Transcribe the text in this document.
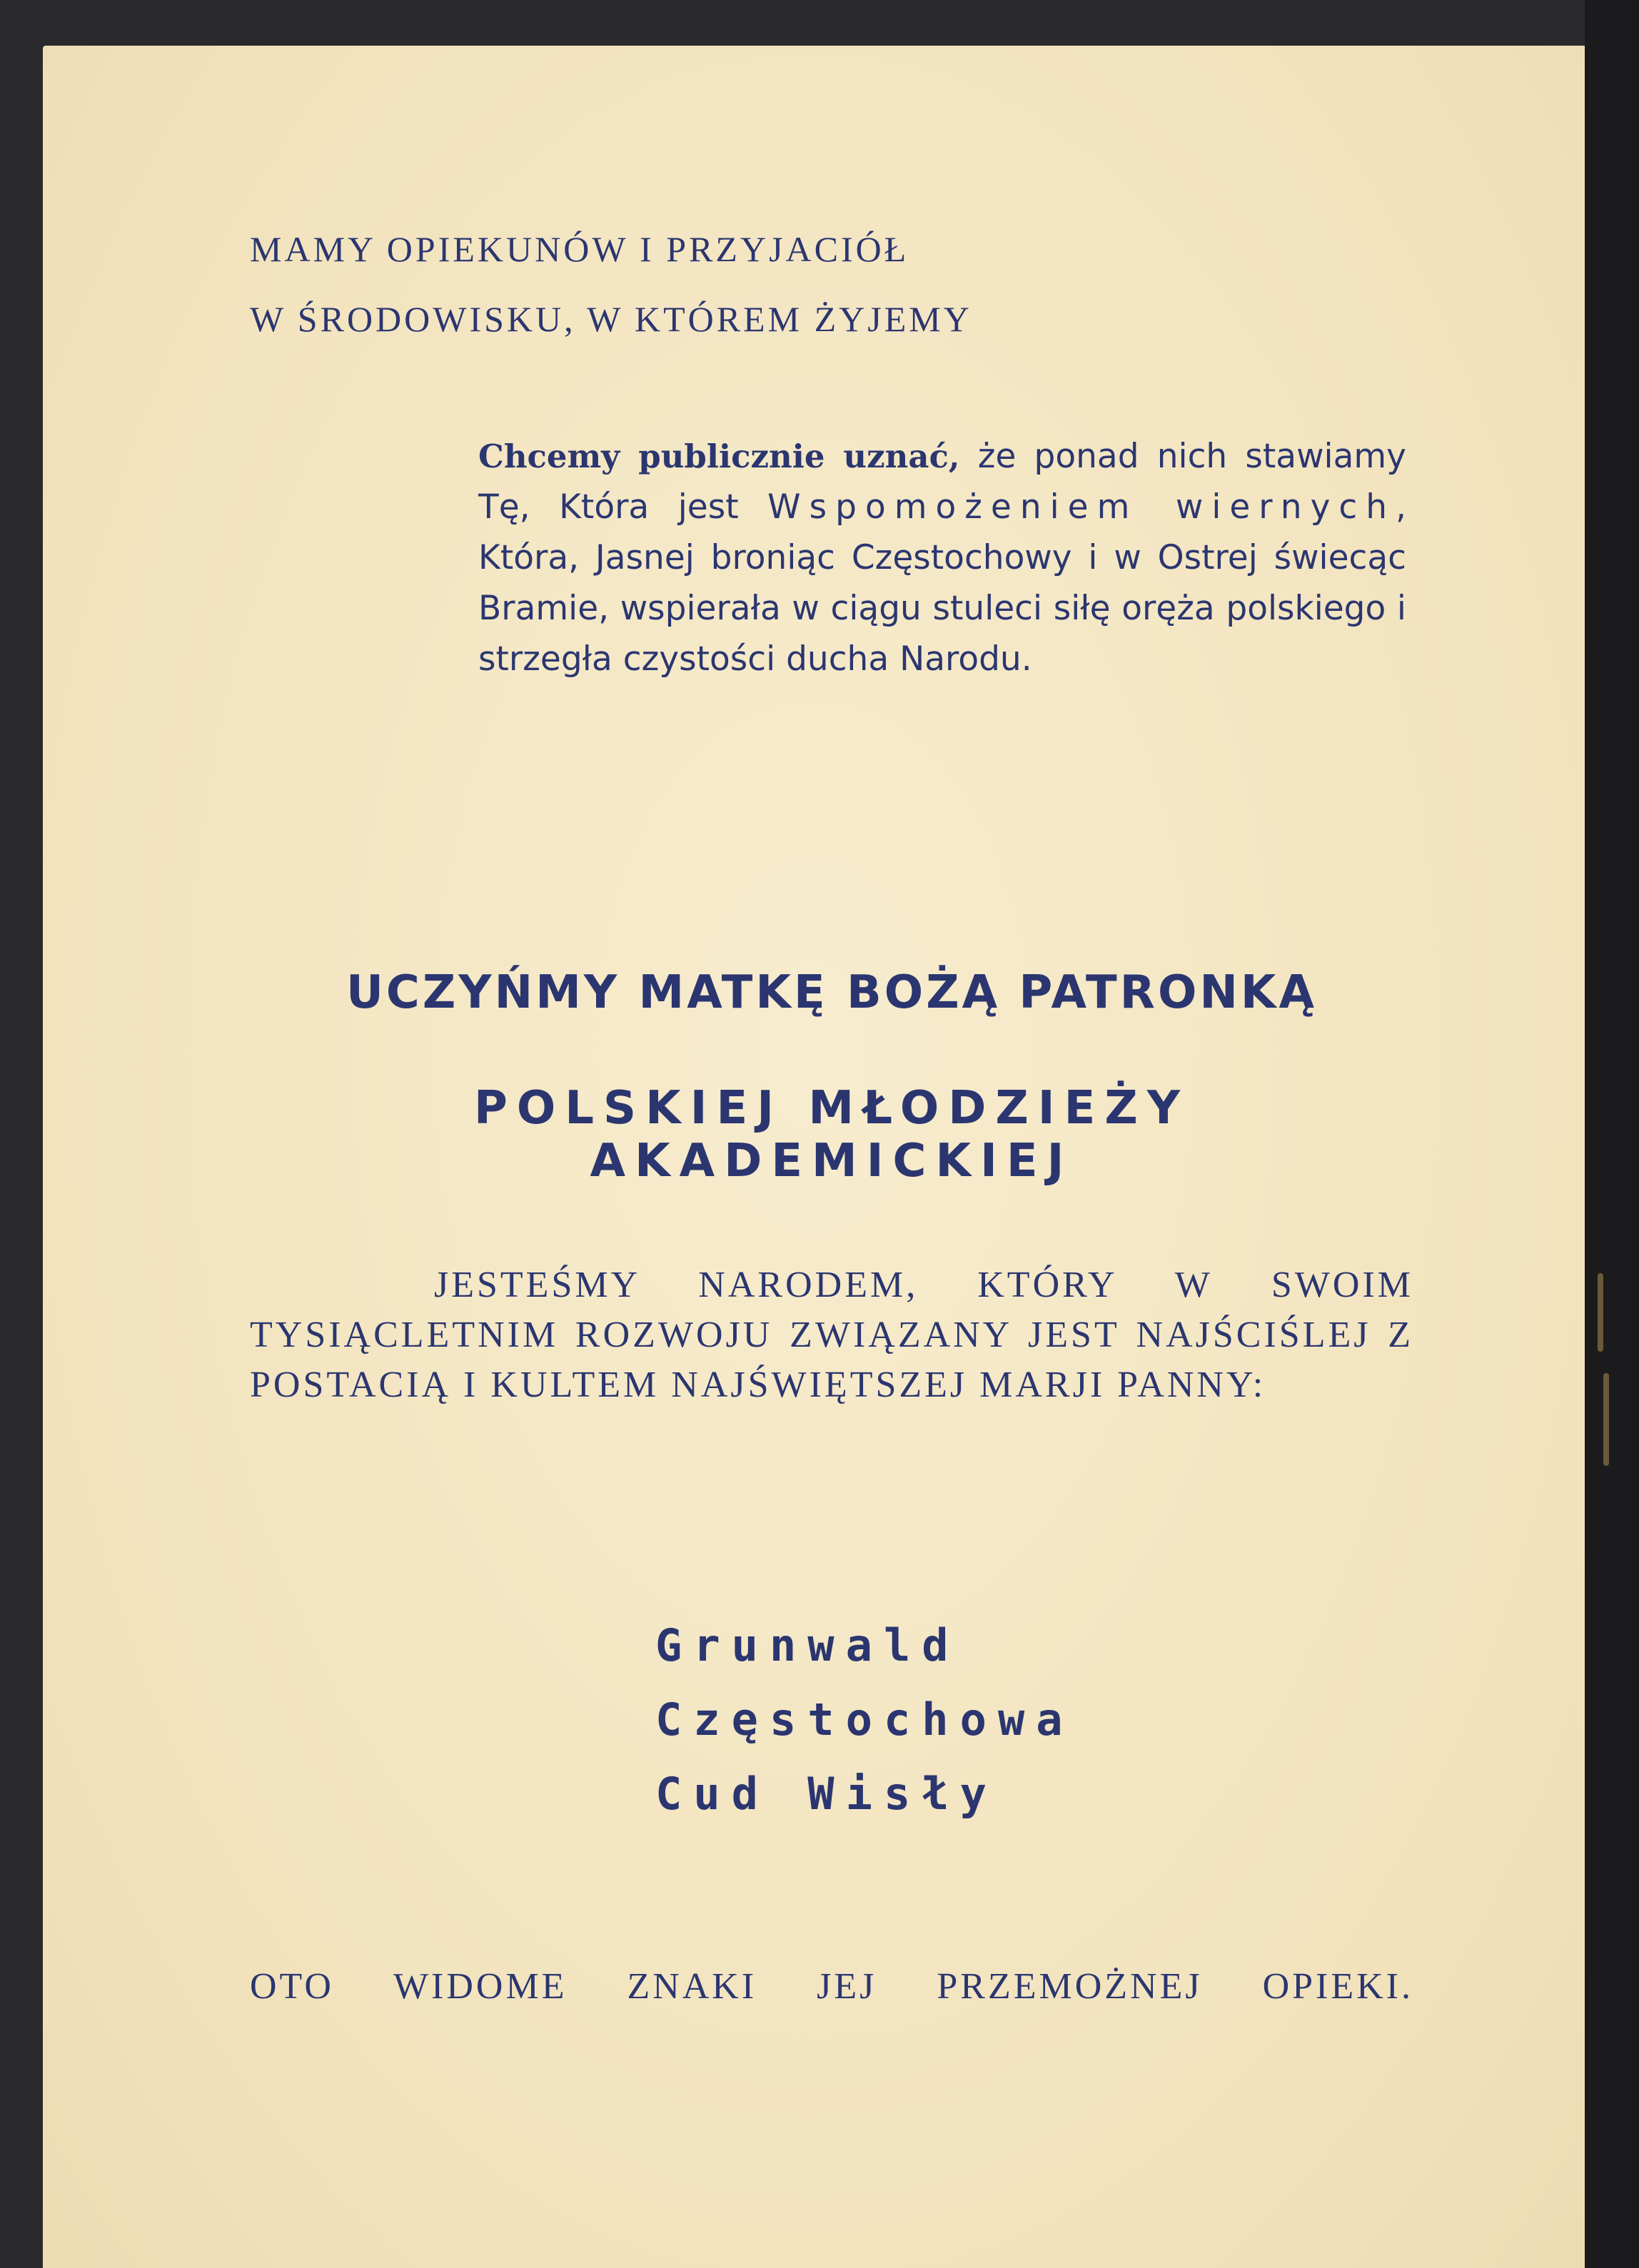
MAMY OPIEKUNÓW I PRZYJACIÓŁ
W ŚRODOWISKU, W KTÓREM ŻYJEMY

Chcemy publicznie uznać, że ponad nich stawiamy Tę, Która jest Wspomożeniem wiernych, Która, Jasnej broniąc Częstochowy i w Ostrej świecąc Bramie, wspierała w ciągu stuleci siłę oręża polskiego i strzegła czystości ducha Narodu.

UCZYŃMY MATKĘ BOŻĄ PATRONKĄ
POLSKIEJ MŁODZIEŻY AKADEMICKIEJ

JESTEŚMY NARODEM, KTÓRY W SWOIM TYSIĄCLETNIM ROZWOJU ZWIĄZANY JEST NAJŚCIŚLEJ Z POSTACIĄ I KULTEM NAJŚWIĘTSZEJ MARJI PANNY:

Grunwald
Częstochowa
Cud Wisły

OTO WIDOME ZNAKI JEJ PRZEMOŻNEJ OPIEKI.
